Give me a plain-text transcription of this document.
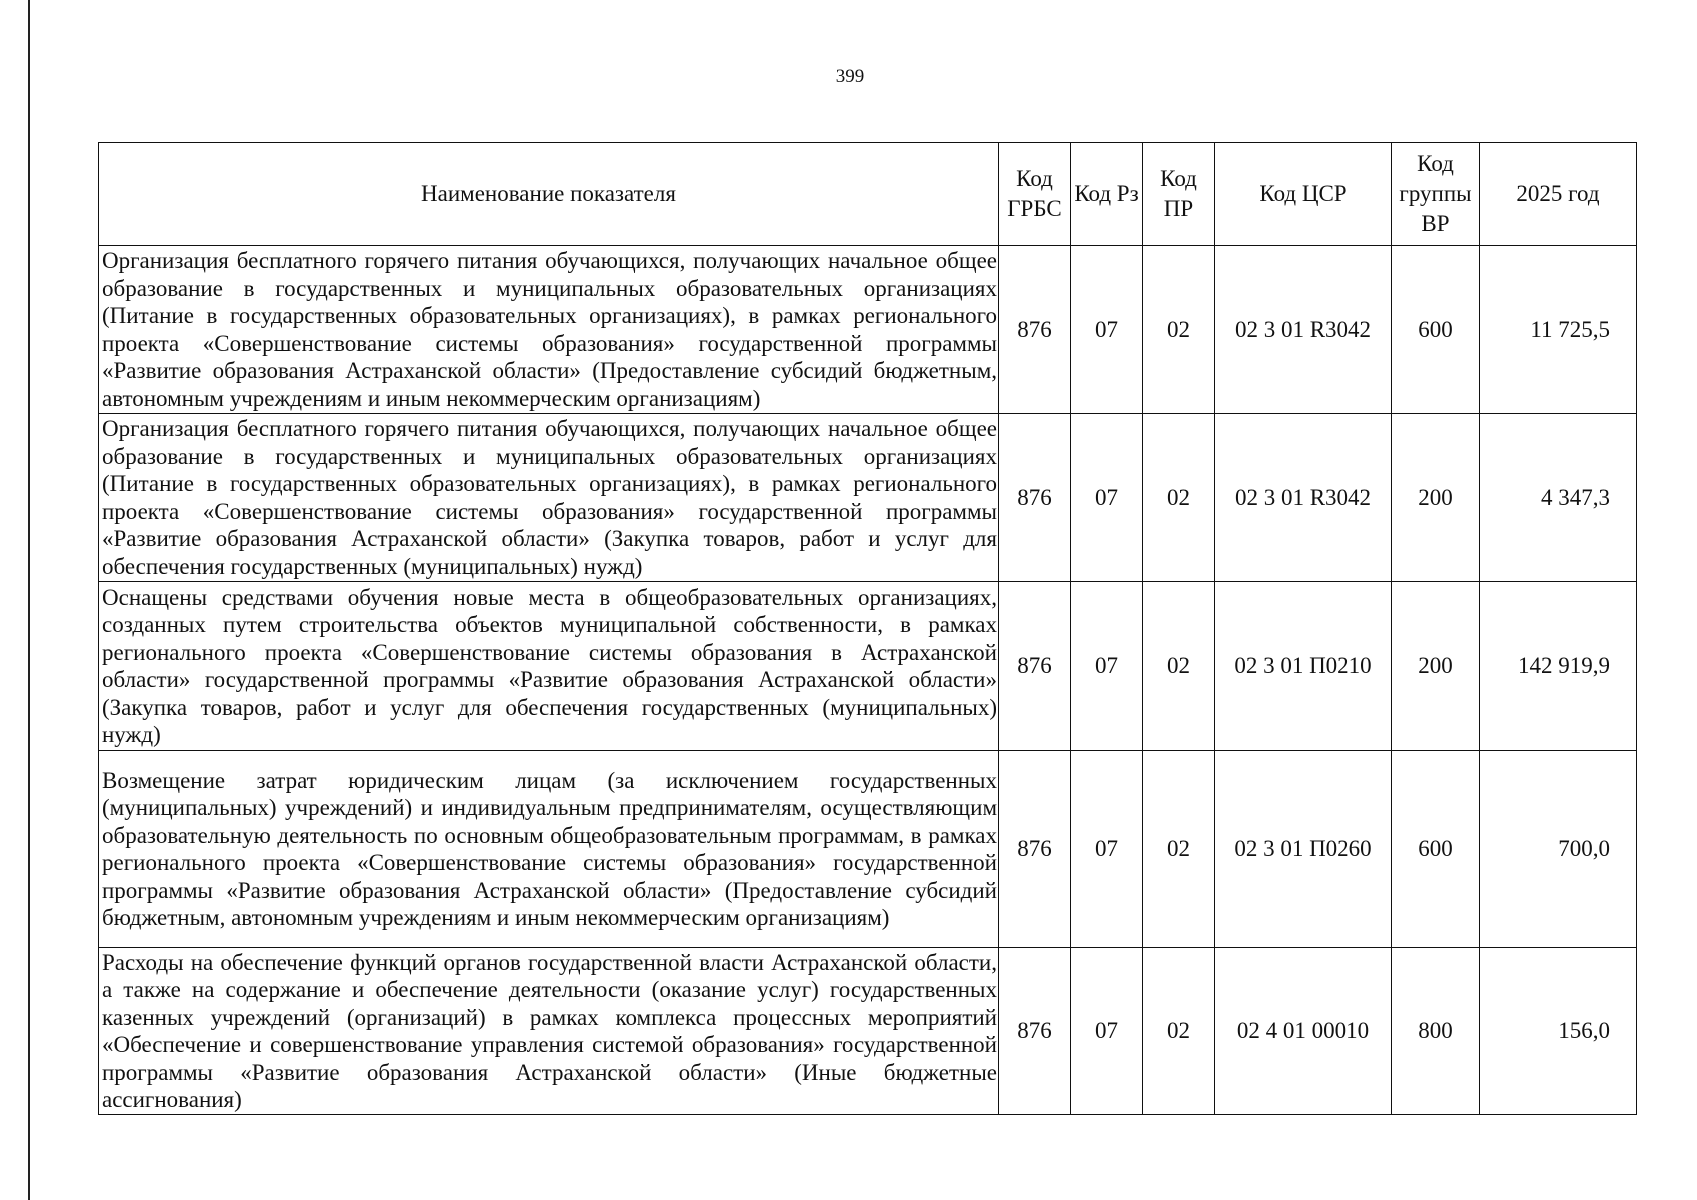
399
Наименование показателя	Код ГРБС	Код Рз	Код ПР	Код ЦСР	Код группы ВР	2025 год
Организация бесплатного горячего питания обучающихся, получающих начальное общее образование в государственных и муниципальных образовательных организациях (Питание в государственных образовательных организациях), в рамках регионального проекта «Совершенствование системы образования» государственной программы «Развитие образования Астраханской области» (Предоставление субсидий бюджетным, автономным учреждениям и иным некоммерческим организациям)	876	07	02	02 3 01 R3042	600	11 725,5
Организация бесплатного горячего питания обучающихся, получающих начальное общее образование в государственных и муниципальных образовательных организациях (Питание в государственных образовательных организациях), в рамках регионального проекта «Совершенствование системы образования» государственной программы «Развитие образования Астраханской области» (Закупка товаров, работ и услуг для обеспечения государственных (муниципальных) нужд)	876	07	02	02 3 01 R3042	200	4 347,3
Оснащены средствами обучения новые места в общеобразовательных организациях, созданных путем строительства объектов муниципальной собственности, в рамках регионального проекта «Совершенствование системы образования в Астраханской области» государственной программы «Развитие образования Астраханской области» (Закупка товаров, работ и услуг для обеспечения государственных (муниципальных) нужд)	876	07	02	02 3 01 П0210	200	142 919,9
Возмещение затрат юридическим лицам (за исключением государственных (муниципальных) учреждений) и индивидуальным предпринимателям, осуществляющим образовательную деятельность по основным общеобразовательным программам, в рамках регионального проекта «Совершенствование системы образования» государственной программы «Развитие образования Астраханской области» (Предоставление субсидий бюджетным, автономным учреждениям и иным некоммерческим организациям)	876	07	02	02 3 01 П0260	600	700,0
Расходы на обеспечение функций органов государственной власти Астраханской области, а также на содержание и обеспечение деятельности (оказание услуг) государственных казенных учреждений (организаций) в рамках комплекса процессных мероприятий «Обеспечение и совершенствование управления системой образования» государственной программы «Развитие образования Астраханской области» (Иные бюджетные ассигнования)	876	07	02	02 4 01 00010	800	156,0
